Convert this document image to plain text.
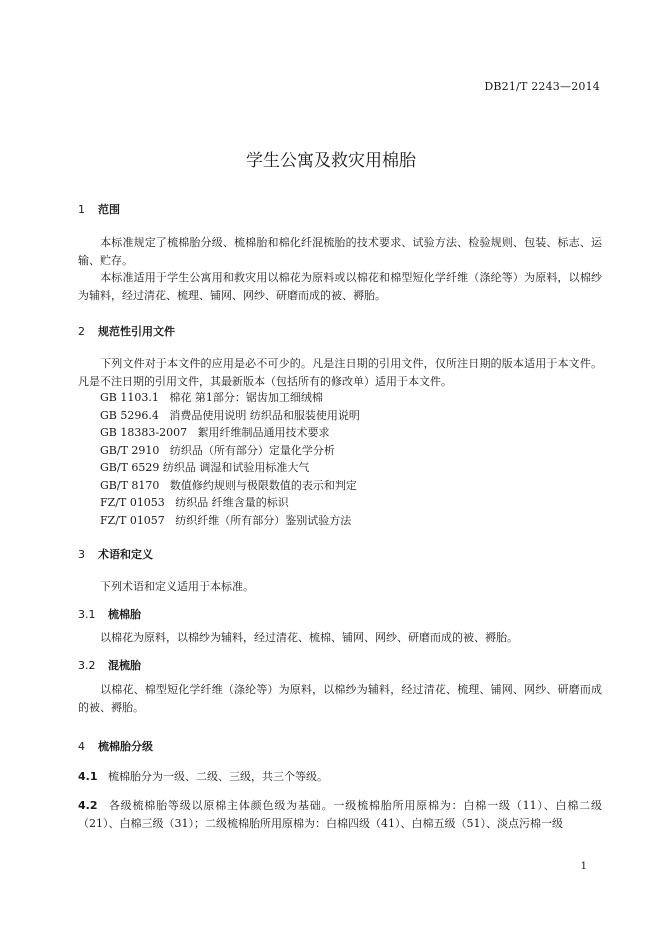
DB21/T 2243—2014
学生公寓及救灾用棉胎
1 范围
本标准规定了梳棉胎分级、梳棉胎和棉化纤混梳胎的技术要求、试验方法、检验规则、包装、标志、运输、贮存。
本标准适用于学生公寓用和救灾用以棉花为原料或以棉花和棉型短化学纤维（涤纶等）为原料，以棉纱为辅料，经过清花、梳理、铺网、网纱、研磨而成的被、褥胎。
2 规范性引用文件
下列文件对于本文件的应用是必不可少的。凡是注日期的引用文件，仅所注日期的版本适用于本文件。凡是不注日期的引用文件，其最新版本（包括所有的修改单）适用于本文件。
GB 1103.1   棉花 第1部分：锯齿加工细绒棉
GB 5296.4   消费品使用说明 纺织品和服装使用说明
GB 18383-2007   絮用纤维制品通用技术要求
GB/T 2910   纺织品（所有部分）定量化学分析
GB/T 6529 纺织品 调湿和试验用标准大气
GB/T 8170   数值修约规则与极限数值的表示和判定
FZ/T 01053   纺织品 纤维含量的标识
FZ/T 01057   纺织纤维（所有部分）鉴别试验方法
3 术语和定义
下列术语和定义适用于本标准。
3.1 梳棉胎
以棉花为原料，以棉纱为辅料，经过清花、梳棉、铺网、网纱、研磨而成的被、褥胎。
3.2 混梳胎
以棉花、棉型短化学纤维（涤纶等）为原料，以棉纱为辅料，经过清花、梳理、铺网、网纱、研磨而成的被、褥胎。
4 梳棉胎分级
4.1 梳棉胎分为一级、二级、三级，共三个等级。
4.2 各级梳棉胎等级以原棉主体颜色级为基础。一级梳棉胎所用原棉为：白棉一级（11）、白棉二级（21）、白棉三级（31）；二级梳棉胎所用原棉为：白棉四级（41）、白棉五级（51）、淡点污棉一级
1
